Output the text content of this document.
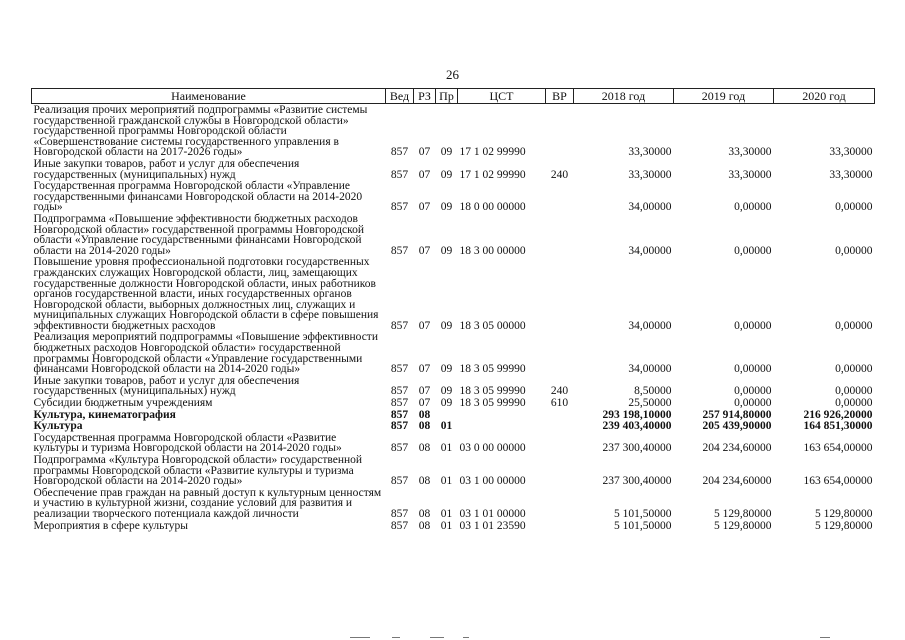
26
Наименование	Вед	РЗ	Пр	ЦСТ	ВР	2018 год	2019 год	2020 год
Реализация прочих мероприятий подпрограммы «Развитие системы государственной гражданской службы в Новгородской области» государственной программы Новгородской области «Совершенствование системы государственного управления в Новгородской области на 2017-2026 годы»	857	07	09	17 1 02 99990		33,30000	33,30000	33,30000
Иные закупки товаров, работ и услуг для обеспечения государственных (муниципальных) нужд	857	07	09	17 1 02 99990	240	33,30000	33,30000	33,30000
Государственная программа Новгородской области «Управление государственными финансами Новгородской области на 2014-2020 годы»	857	07	09	18 0 00 00000		34,00000	0,00000	0,00000
Подпрограмма «Повышение эффективности бюджетных расходов Новгородской области» государственной программы Новгородской области «Управление государственными финансами Новгородской области на 2014-2020 годы»	857	07	09	18 3 00 00000		34,00000	0,00000	0,00000
Повышение уровня профессиональной подготовки государственных гражданских служащих Новгородской области, лиц, замещающих государственные должности Новгородской области, иных работников органов государственной власти, иных государственных органов Новгородской области, выборных должностных лиц, служащих и муниципальных служащих Новгородской области в сфере повышения эффективности бюджетных расходов	857	07	09	18 3 05 00000		34,00000	0,00000	0,00000
Реализация мероприятий подпрограммы «Повышение эффективности бюджетных расходов Новгородской области» государственной программы Новгородской области «Управление государственными финансами Новгородской области на 2014-2020 годы»	857	07	09	18 3 05 99990		34,00000	0,00000	0,00000
Иные закупки товаров, работ и услуг для обеспечения государственных (муниципальных) нужд	857	07	09	18 3 05 99990	240	8,50000	0,00000	0,00000
Субсидии бюджетным учреждениям	857	07	09	18 3 05 99990	610	25,50000	0,00000	0,00000
Культура, кинематография	857	08				293 198,10000	257 914,80000	216 926,20000
Культура	857	08	01			239 403,40000	205 439,90000	164 851,30000
Государственная программа Новгородской области «Развитие культуры и туризма Новгородской области на 2014-2020 годы»	857	08	01	03 0 00 00000		237 300,40000	204 234,60000	163 654,00000
Подпрограмма «Культура Новгородской области» государственной программы Новгородской области «Развитие культуры и туризма Новгородской области на 2014-2020 годы»	857	08	01	03 1 00 00000		237 300,40000	204 234,60000	163 654,00000
Обеспечение прав граждан на равный доступ к культурным ценностям и участию в культурной жизни, создание условий для развития и реализации творческого потенциала каждой личности	857	08	01	03 1 01 00000		5 101,50000	5 129,80000	5 129,80000
Мероприятия в сфере культуры	857	08	01	03 1 01 23590		5 101,50000	5 129,80000	5 129,80000
